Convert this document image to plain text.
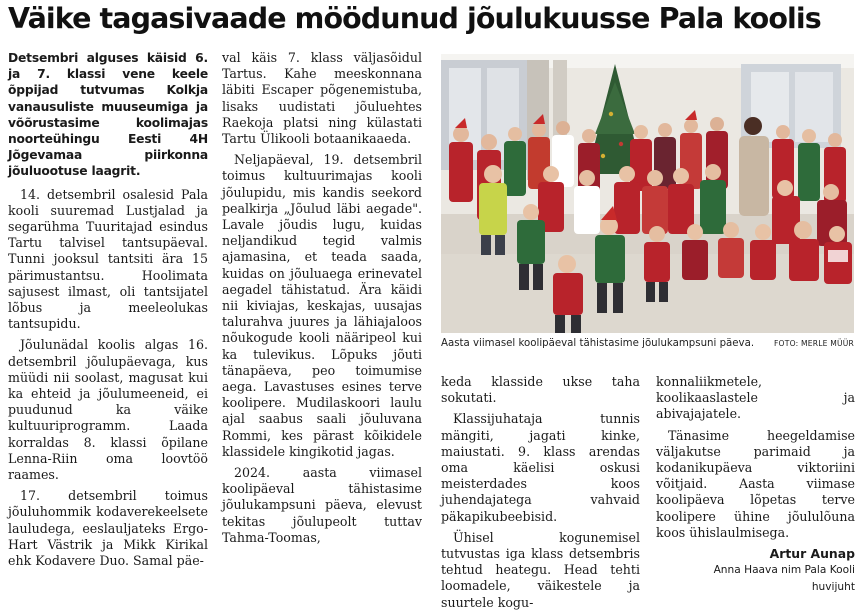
Väike tagasivaade möödunud jõulukuusse Pala koolis

Detsembri alguses käisid 6. ja 7. klassi vene keele õppijad tutvumas Kolkja vanausuliste muuseumiga ja võõrustasime koolimajas noorteühingu Eesti 4H Jõgevamaa piirkonna jõuluootuse laagrit.

14. detsembril osalesid Pala kooli suuremad Lustjalad ja segarühma Tuuritajad esindus Tartu talvisel tantsupäeval. Tunni jooksul tantsiti ära 15 pärimustantsu. Hoolimata sajusest ilmast, oli tantsijatel lõbus ja meeleolukas tantsupidu.

Jõulunädal koolis algas 16. detsembril jõulupäevaga, kus müüdi nii soolast, magusat kui ka ehteid ja jõulumeeneid, ei puudunud ka väike kultuuriprogramm. Laada korraldas 8. klassi õpilane Lenna-Riin oma loovtöö raames.

17. detsembril toimus jõuluhommik kodaverekeelsete lauludega, eeslauljateks Ergo-Hart Västrik ja Mikk Kirikal ehk Kodavere Duo. Samal päe-

val käis 7. klass väljasõidul Tartus. Kahe meeskonnana läbiti Escaper põgenemistuba, lisaks uudistati jõuluehtes Raekoja platsi ning külastati Tartu Ülikooli botaanikaaeda.

Neljapäeval, 19. detsembril toimus kultuurimajas kooli jõulupidu, mis kandis seekord pealkirja „Jõulud läbi aegade". Lavale jõudis lugu, kuidas neljandikud tegid valmis ajamasina, et teada saada, kuidas on jõuluaega erinevatel aegadel tähistatud. Ära käidi nii kiviajas, keskajas, uusajas talurahva juures ja lähiajaloos nõukogude kooli nääripeol kui ka tulevikus. Lõpuks jõuti tänapäeva, peo toimumise aega. Lavastuses esines terve koolipere. Mudilaskoori laulu ajal saabus saali jõuluvana Rommi, kes pärast kõikidele klassidele kingikotid jagas.

2024. aasta viimasel koolipäeval tähistasime jõulukampsuni päeva, elevust tekitas jõulupeolt tuttav Tahma-Toomas,

Aasta viimasel koolipäeval tähistasime jõulukampsuni päeva.	FOTO: MERLE MÜÜR

keda klasside ukse taha sokutati.

Klassijuhataja tunnis mängiti, jagati kinke, maiustati. 9. klass arendas oma käelisi oskusi meisterdades koos juhendajatega vahvaid päkapikubeebisid.

Ühisel kogunemisel tutvustas iga klass detsembris tehtud heategu. Head tehti loomadele, väikestele ja suurtele kogu-

konnaliikmetele, koolikaaslastele ja abivajajatele.

Tänasime heegeldamise väljakutse parimaid ja kodanikupäeva viktoriini võitjaid. Aasta viimase koolipäeva lõpetas terve koolipere ühine jõululõuna koos ühislaulmisega.

Artur Aunap
Anna Haava nim Pala Kooli
huvijuht
